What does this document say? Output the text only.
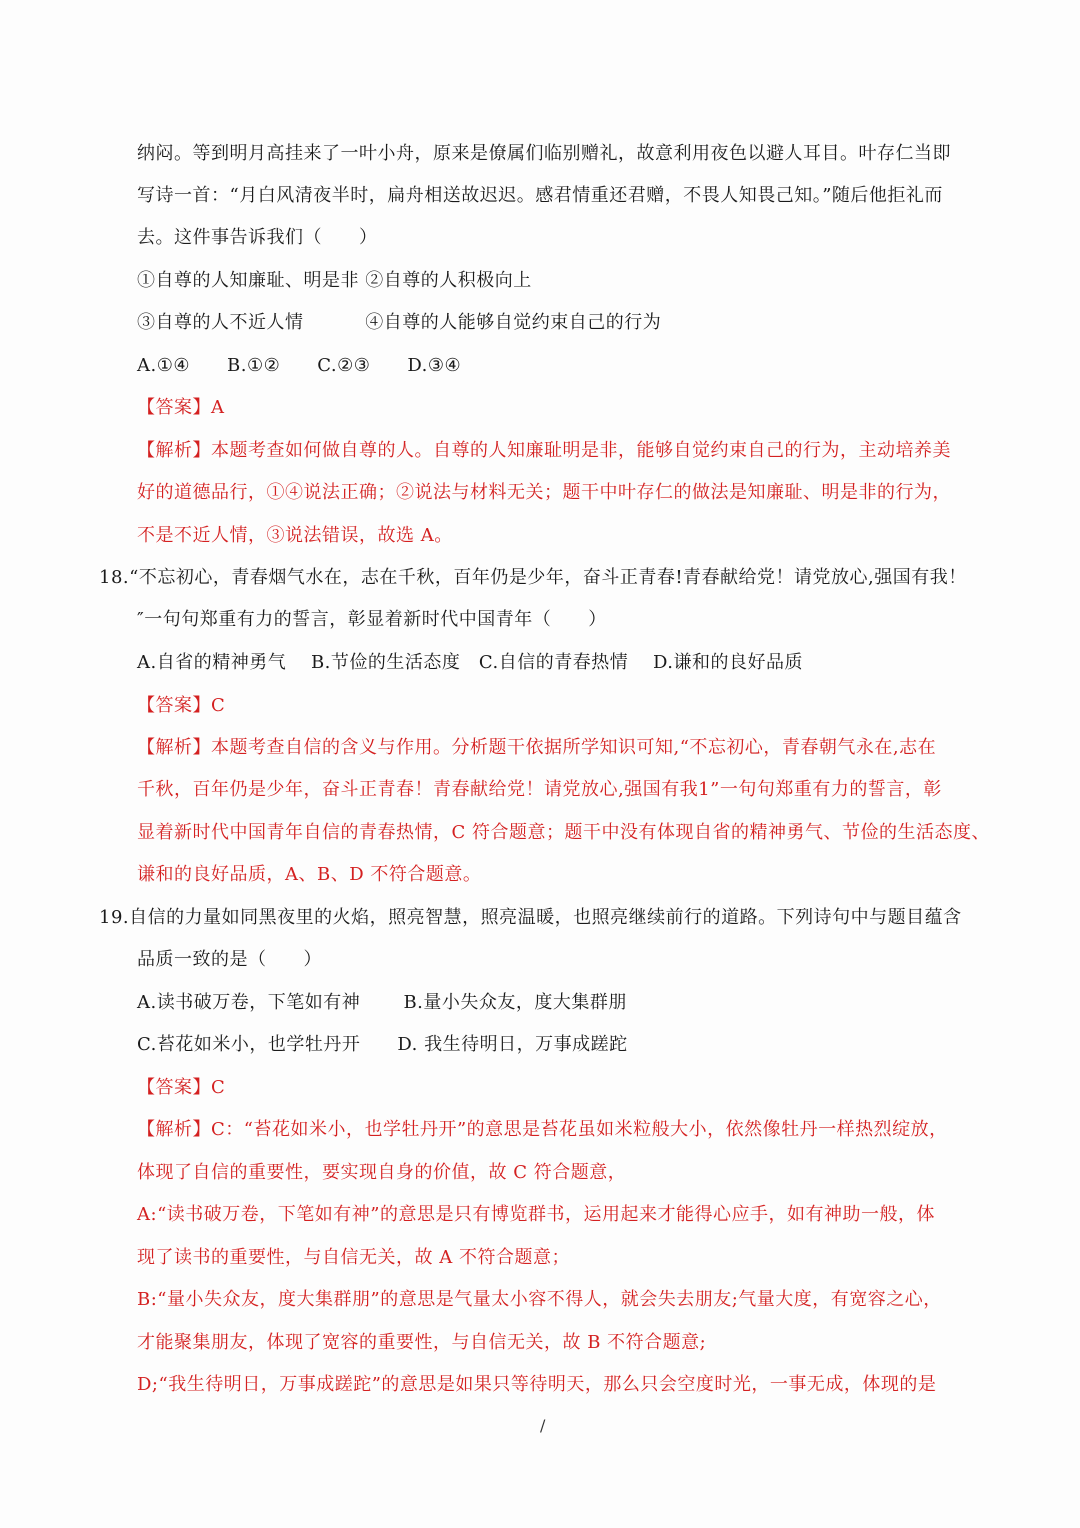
纳闷。等到明月高挂来了一叶小舟，原来是僚属们临别赠礼，故意利用夜色以避人耳目。叶存仁当即
写诗一首：“月白风清夜半时，扁舟相送故迟迟。感君情重还君赠，不畏人知畏己知。”随后他拒礼而
去。这件事告诉我们（　　）
①自尊的人知廉耻、明是非 ②自尊的人积极向上
③自尊的人不近人情　　　 ④自尊的人能够自觉约束自己的行为
A.①④　　B.①②　　C.②③　　D.③④
【答案】A
【解析】本题考查如何做自尊的人。自尊的人知廉耻明是非，能够自觉约束自己的行为，主动培养美
好的道德品行，①④说法正确；②说法与材料无关；题干中叶存仁的做法是知廉耻、明是非的行为，
不是不近人情，③说法错误，故选 A。
18.“不忘初心，青春烟气水在，志在千秋，百年仍是少年，奋斗正青春!青春献给党！请党放心,强国有我！
″一句句郑重有力的誓言，彰显着新时代中国青年（　　）
A.自省的精神勇气　 B.节俭的生活态度　C.自信的青春热情　 D.谦和的良好品质
【答案】C
【解析】本题考查自信的含义与作用。分析题干依据所学知识可知,“不忘初心，青春朝气永在,志在
千秋，百年仍是少年，奋斗正青春！青春献给党！请党放心,强国有我1”一句句郑重有力的誓言，彰
显着新时代中国青年自信的青春热情，C 符合题意；题干中没有体现自省的精神勇气、节俭的生活态度、
谦和的良好品质，A、B、D 不符合题意。
19.自信的力量如同黑夜里的火焰，照亮智慧，照亮温暖，也照亮继续前行的道路。下列诗句中与题目蕴含
品质一致的是（　　）
A.读书破万卷，下笔如有神　　 B.量小失众友，度大集群朋
C.苔花如米小，也学牡丹开　　D. 我生待明日，万事成蹉跎
【答案】C
【解析】C：“苔花如米小，也学牡丹开”的意思是苔花虽如米粒般大小，依然像牡丹一样热烈绽放，
体现了自信的重要性，要实现自身的价值，故 C 符合题意，
A:“读书破万卷，下笔如有神”的意思是只有博览群书，运用起来才能得心应手，如有神助一般，体
现了读书的重要性，与自信无关，故 A 不符合题意；
B:“量小失众友，度大集群朋”的意思是气量太小容不得人，就会失去朋友;气量大度，有宽容之心，
才能聚集朋友，体现了宽容的重要性，与自信无关，故 B 不符合题意;
D;“我生待明日，万事成蹉跎”的意思是如果只等待明天，那么只会空度时光，一事无成，体现的是
/
